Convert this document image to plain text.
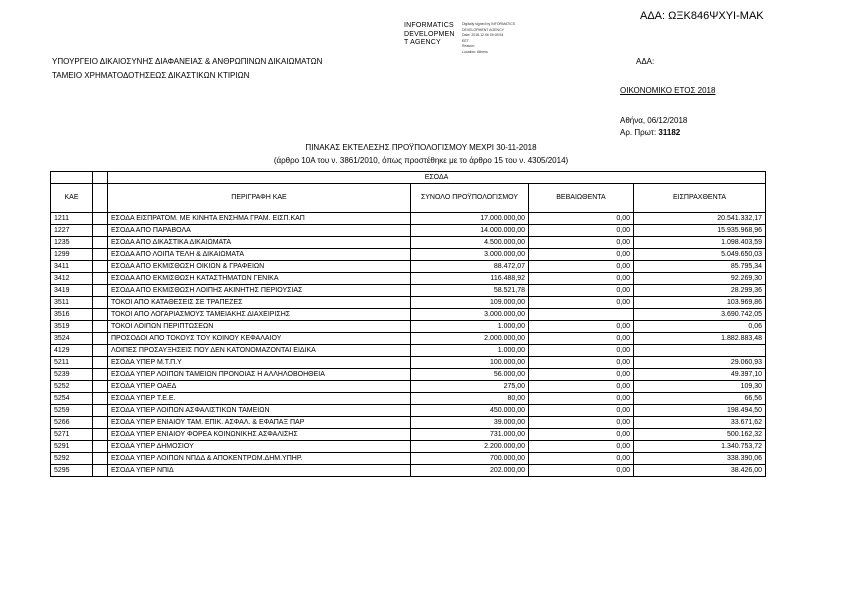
ΑΔΑ: ΩΞΚ846ΨΧΥΙ-ΜΑΚ
INFORMATICS
DEVELOPMEN
T AGENCY
Digitally signed by INFORMATICS
DEVELOPMENT AGENCY
Date: 2018.12.06 09:05:54
EET
Reason:
Location: Athens
ΥΠΟΥΡΓΕΙΟ ΔΙΚΑΙΟΣΥΝΗΣ ΔΙΑΦΑΝΕΙΑΣ & ΑΝΘΡΩΠΙΝΩΝ ΔΙΚΑΙΩΜΑΤΩΝ
ΤΑΜΕΙΟ ΧΡΗΜΑΤΟΔΟΤΗΣΕΩΣ ΔΙΚΑΣΤΙΚΩΝ ΚΤΙΡΙΩΝ
ΑΔΑ:
ΟΙΚΟΝΟΜΙΚΟ ΕΤΟΣ 2018
Αθήνα, 06/12/2018
Αρ. Πρωτ: 31182
ΠΙΝΑΚΑΣ ΕΚΤΕΛΕΣΗΣ ΠΡΟΫΠΟΛΟΓΙΣΜΟΥ ΜΕΧΡΙ 30-11-2018
(άρθρο 10Α του ν. 3861/2010, όπως προστέθηκε με το άρθρο 15 του ν. 4305/2014)
		ΕΣΟΔΑ			
ΚΑΕ		ΠΕΡΙΓΡΑΦΗ ΚΑΕ	ΣΥΝΟΛΟ ΠΡΟΫΠΟΛΟΓΙΣΜΟΥ	ΒΕΒΑΙΩΘΕΝΤΑ	ΕΙΣΠΡΑΧΘΕΝΤΑ
1211		ΕΣΟΔΑ ΕΙΣΠΡΑΤΟΜ. ΜΕ ΚΙΝΗΤΑ ΕΝΣΗΜΑ ΓΡΑΜ. ΕΙΣΠ.ΚΑΠ	17.000.000,00	0,00	20.541.332,17
1227		ΕΣΟΔΑ ΑΠΟ ΠΑΡΑΒΟΛΑ	14.000.000,00	0,00	15.935.968,96
1235		ΕΣΟΔΑ ΑΠΟ ΔΙΚΑΣΤΙΚΑ ΔΙΚΑΙΩΜΑΤΑ	4.500.000,00	0,00	1.098.403,59
1299		ΕΣΟΔΑ ΑΠΟ ΛΟΙΠΑ ΤΕΛΗ & ΔΙΚΑΙΩΜΑΤΑ	3.000.000,00	0,00	5.049.650,03
3411		ΕΣΟΔΑ ΑΠΟ ΕΚΜΙΣΘΩΣΗ ΟΙΚΙΩΝ & ΓΡΑΦΕΙΩΝ	88.472,07	0,00	85.795,34
3412		ΕΣΟΔΑ ΑΠΟ ΕΚΜΙΣΘΩΣΗ ΚΑΤΑΣΤΗΜΑΤΩΝ ΓΕΝΙΚΑ	116.488,92	0,00	92.269,30
3419		ΕΣΟΔΑ ΑΠΟ ΕΚΜΙΣΘΩΣΗ ΛΟΙΠΗΣ ΑΚΙΝΗΤΗΣ ΠΕΡΙΟΥΣΙΑΣ	58.521,78	0,00	28.299,36
3511		ΤΟΚΟΙ ΑΠΟ ΚΑΤΑΘΕΣΕΙΣ ΣΕ ΤΡΑΠΕΖΕΣ	109.000,00	0,00	103.969,86
3516		ΤΟΚΟΙ ΑΠΟ ΛΟΓΑΡΙΑΣΜΟΥΣ ΤΑΜΕΙΑΚΗΣ ΔΙΑΧΕΙΡΙΣΗΣ	3.000.000,00		3.690.742,05
3519		ΤΟΚΟΙ ΛΟΙΠΩΝ ΠΕΡΙΠΤΩΣΕΩΝ	1.000,00	0,00	0,06
3524		ΠΡΟΣΟΔΟΙ ΑΠΟ ΤΟΚΟΥΣ ΤΟΥ ΚΟΙΝΟΥ ΚΕΦΑΛΑΙΟΥ	2.000.000,00	0,00	1.882.883,48
4129		ΛΟΙΠΕΣ ΠΡΟΣΑΥΞΗΣΕΙΣ ΠΟΥ ΔΕΝ ΚΑΤΟΝΟΜΑΖΟΝΤΑΙ ΕΙΔΙΚΑ	1.000,00	0,00	
5211		ΕΣΟΔΑ ΥΠΕΡ Μ.Τ.Π.Υ	100.000,00	0,00	29.060,93
5239		ΕΣΟΔΑ ΥΠΕΡ ΛΟΙΠΩΝ ΤΑΜΕΙΩΝ ΠΡΟΝΟΙΑΣ Η ΑΛΛΗΛΟΒΟΗΘΕΙΑ	56.000,00	0,00	49.397,10
5252		ΕΣΟΔΑ ΥΠΕΡ ΟΑΕΔ	275,00	0,00	109,30
5254		ΕΣΟΔΑ ΥΠΕΡ Τ.Ε.Ε.	80,00	0,00	66,56
5259		ΕΣΟΔΑ ΥΠΕΡ ΛΟΙΠΩΝ ΑΣΦΑΛΙΣΤΙΚΩΝ ΤΑΜΕΙΩΝ	450.000,00	0,00	198.494,50
5266		ΕΣΟΔΑ ΥΠΕΡ ΕΝΙΑΙΟΥ ΤΑΜ. ΕΠΙΚ. ΑΣΦΑΛ. & ΕΦΑΠΑΞ ΠΑΡ	39.000,00	0,00	33.671,62
5271		ΕΣΟΔΑ ΥΠΕΡ ΕΝΙΑΙΟΥ ΦΟΡΕΑ ΚΟΙΝΩΝΙΚΗΣ ΑΣΦΑΛΙΣΗΣ	731.000,00	0,00	500.162,32
5291		ΕΣΟΔΑ ΥΠΕΡ ΔΗΜΟΣΙΟΥ	2.200.000,00	0,00	1.340.753,72
5292		ΕΣΟΔΑ ΥΠΕΡ ΛΟΙΠΩΝ ΝΠΔΔ & ΑΠΟΚΕΝΤΡΩΜ.ΔΗΜ.ΥΠΗΡ.	700.000,00	0,00	338.390,06
5295		ΕΣΟΔΑ ΥΠΕΡ ΝΠΙΔ	202.000,00	0,00	38.426,00
